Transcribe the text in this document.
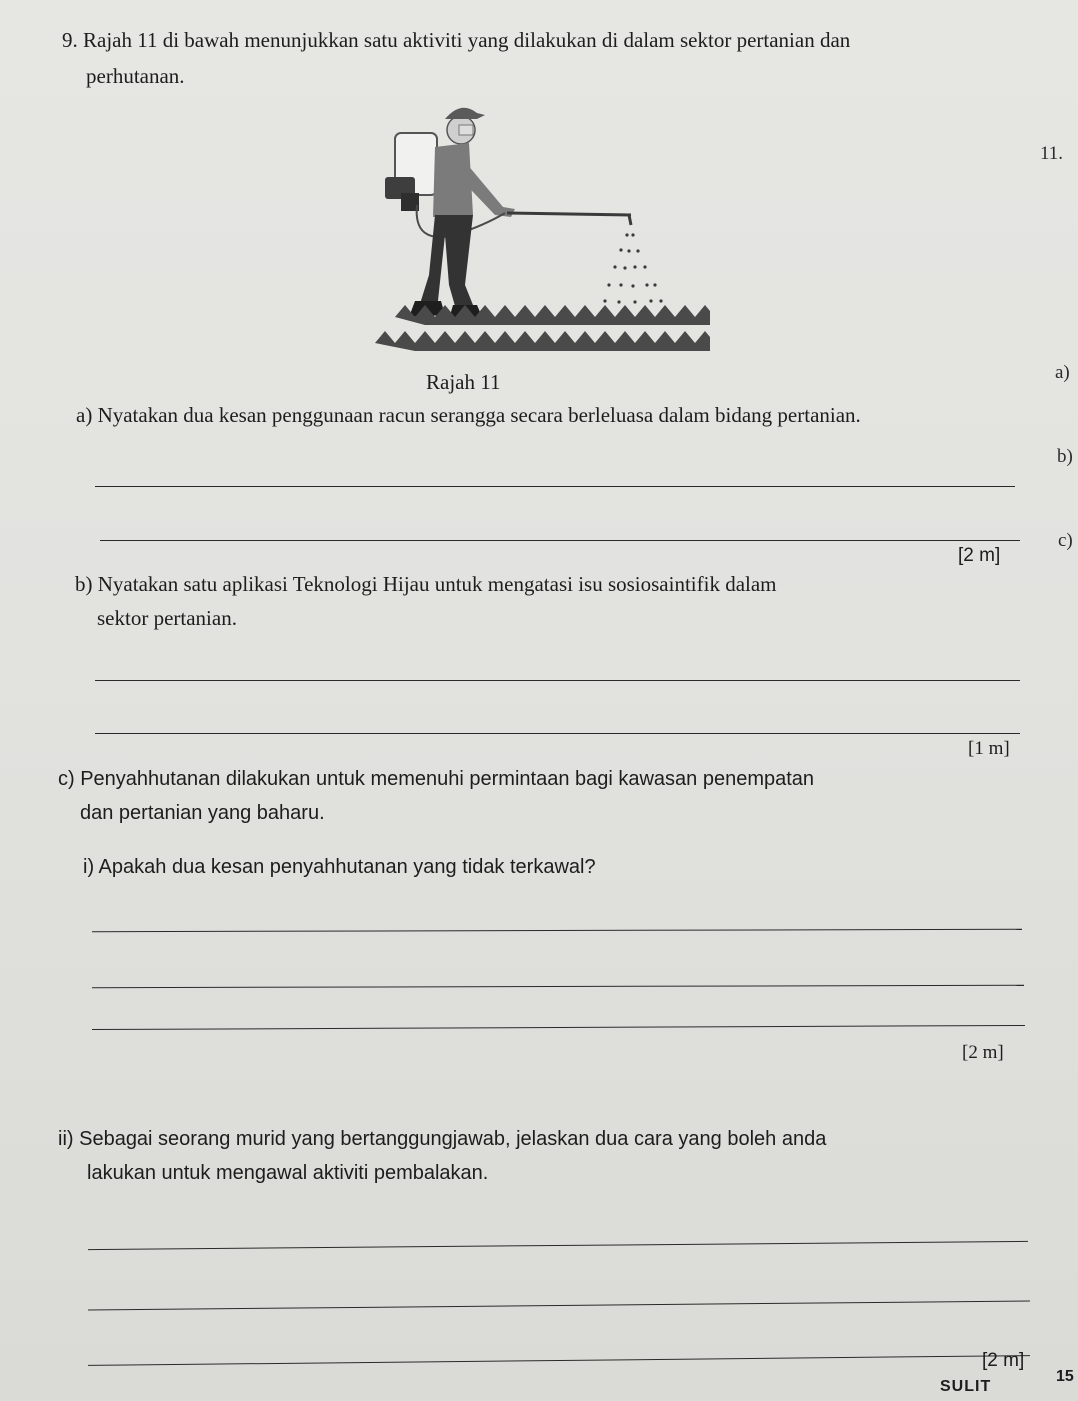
9. Rajah 11 di bawah menunjukkan satu aktiviti yang dilakukan di dalam sektor pertanian dan
perhutanan.
Rajah 11
a) Nyatakan dua kesan penggunaan racun serangga secara berleluasa dalam bidang pertanian.
[2 m]
b) Nyatakan satu aplikasi Teknologi Hijau untuk mengatasi isu sosiosaintifik dalam
sektor pertanian.
[1 m]
c) Penyahhutanan dilakukan untuk memenuhi permintaan bagi kawasan penempatan
dan pertanian yang baharu.
i) Apakah dua kesan penyahhutanan yang tidak terkawal?
[2 m]
ii) Sebagai seorang murid yang bertanggungjawab, jelaskan dua cara yang boleh anda
lakukan untuk mengawal aktiviti pembalakan.
[2 m]
SULIT
15
11.
a)
b)
c)
